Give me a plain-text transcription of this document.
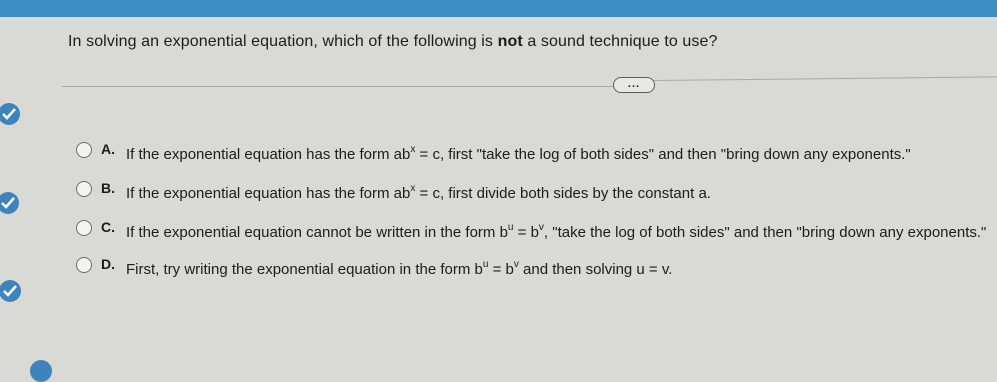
In solving an exponential equation, which of the following is not a sound technique to use?
...
A. If the exponential equation has the form $ab^x = c$, first "take the log of both sides" and then "bring down any exponents."
B. If the exponential equation has the form $ab^x = c$, first divide both sides by the constant a.
C. If the exponential equation cannot be written in the form $b^u = b^v$, "take the log of both sides" and then "bring down any exponents."
D. First, try writing the exponential equation in the form $b^u = b^v$ and then solving u = v.
